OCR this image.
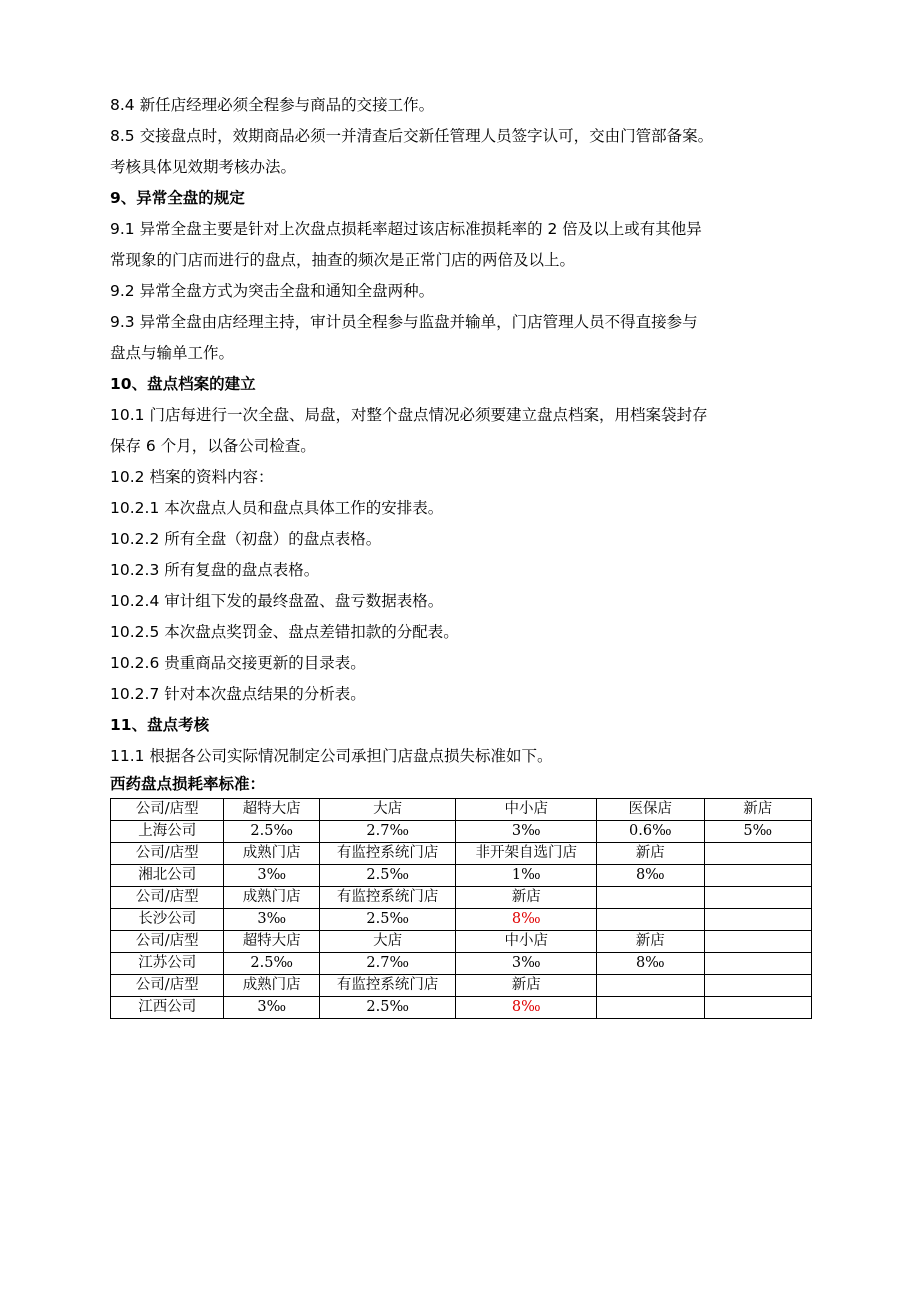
8.4 新任店经理必须全程参与商品的交接工作。
8.5 交接盘点时，效期商品必须一并清查后交新任管理人员签字认可，交由门管部备案。
考核具体见效期考核办法。
9、异常全盘的规定
9.1 异常全盘主要是针对上次盘点损耗率超过该店标准损耗率的 2 倍及以上或有其他异
常现象的门店而进行的盘点，抽查的频次是正常门店的两倍及以上。
9.2 异常全盘方式为突击全盘和通知全盘两种。
9.3 异常全盘由店经理主持，审计员全程参与监盘并输单，门店管理人员不得直接参与
盘点与输单工作。
10、盘点档案的建立
10.1 门店每进行一次全盘、局盘，对整个盘点情况必须要建立盘点档案，用档案袋封存
保存 6 个月，以备公司检查。
10.2 档案的资料内容：
10.2.1 本次盘点人员和盘点具体工作的安排表。
10.2.2 所有全盘（初盘）的盘点表格。
10.2.3 所有复盘的盘点表格。
10.2.4 审计组下发的最终盘盈、盘亏数据表格。
10.2.5 本次盘点奖罚金、盘点差错扣款的分配表。
10.2.6 贵重商品交接更新的目录表。
10.2.7 针对本次盘点结果的分析表。
11、盘点考核
11.1 根据各公司实际情况制定公司承担门店盘点损失标准如下。
西药盘点损耗率标准：
公司/店型	超特大店	大店	中小店	医保店	新店
上海公司	2.5‰	2.7‰	3‰	0.6‰	5‰
公司/店型	成熟门店	有监控系统门店	非开架自选门店	新店	
湘北公司	3‰	2.5‰	1‰	8‰	
公司/店型	成熟门店	有监控系统门店	新店		
长沙公司	3‰	2.5‰	8‰		
公司/店型	超特大店	大店	中小店	新店	
江苏公司	2.5‰	2.7‰	3‰	8‰	
公司/店型	成熟门店	有监控系统门店	新店		
江西公司	3‰	2.5‰	8‰		
